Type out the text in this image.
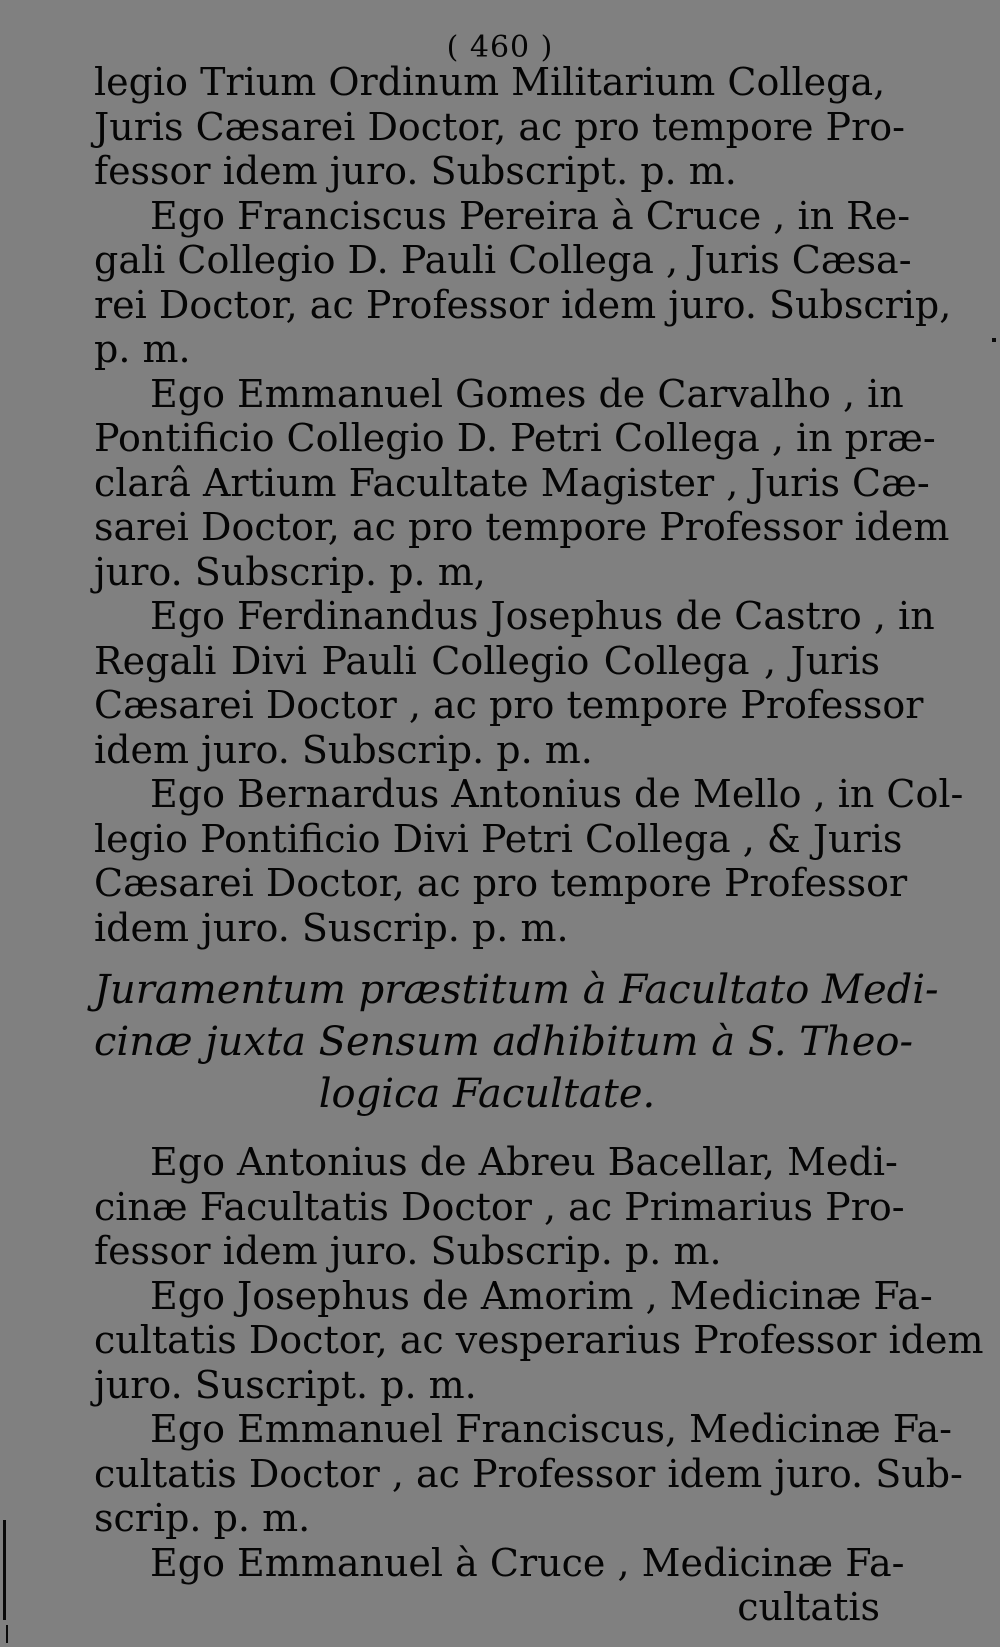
( 460 )
legio Trium Ordinum Militarium Collega,
Juris Cæsarei Doctor, ac pro tempore Pro-
fessor idem juro. Subscript. p. m.
Ego Franciscus Pereira à Cruce , in Re-
gali Collegio D. Pauli Collega , Juris Cæsa-
rei Doctor, ac Professor idem juro. Subscrip,
p. m.
Ego Emmanuel Gomes de Carvalho , in
Pontificio Collegio D. Petri Collega , in præ-
clarâ Artium Facultate Magister , Juris Cæ-
sarei Doctor, ac pro tempore Professor idem
juro. Subscrip. p. m,
Ego Ferdinandus Josephus de Castro , in
Regali Divi Pauli Collegio Collega , Juris
Cæsarei Doctor , ac pro tempore Professor
idem juro. Subscrip. p. m.
Ego Bernardus Antonius de Mello , in Col-
legio Pontificio Divi Petri Collega , & Juris
Cæsarei Doctor, ac pro tempore Professor
idem juro. Suscrip. p. m.
Juramentum præstitum à Facultato Medi-
cinæ juxta Sensum adhibitum à S. Theo-
logica Facultate.
Ego Antonius de Abreu Bacellar, Medi-
cinæ Facultatis Doctor , ac Primarius Pro-
fessor idem juro. Subscrip. p. m.
Ego Josephus de Amorim , Medicinæ Fa-
cultatis Doctor, ac vesperarius Professor idem
juro. Suscript. p. m.
Ego Emmanuel Franciscus, Medicinæ Fa-
cultatis Doctor , ac Professor idem juro. Sub-
scrip. p. m.
Ego Emmanuel à Cruce , Medicinæ Fa-
cultatis
